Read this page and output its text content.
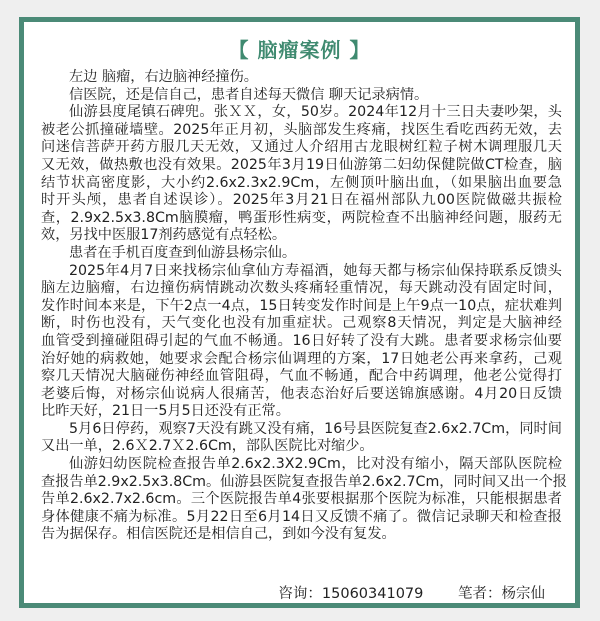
【 脑瘤案例 】
左边 脑瘤，右边脑神经撞伤。
信医院，还是信自己，患者自述每天微信 聊天记录病情。
仙游县度尾镇石碑兜。张ＸＸ，女，50岁。2024年12月十三日夫妻吵架，头
被老公抓撞碰墙壁。2025年正月初，头脑部发生疼痛，找医生看吃西药无效，去
问迷信菩萨开药方服几天无效，又通过人介绍用古龙眼树红粒子树木调理服几天
又无效，做热敷也没有效果。2025年3月19日仙游第二妇幼保健院做CT检查，脑
结节状高密度影，大小约2.6x2.3x2.9Cm，左侧顶叶脑出血，（如果脑出血要急
时开头颅，患者自述误诊）。2025年3月21日在福州部队九00医院做磁共振检
查，2.9x2.5x3.8Cm脑膜瘤，鸭蛋形性病变，两院检查不出脑神经问题，服药无
效，另找中医服17剂药感觉有点轻松。
患者在手机百度查到仙游县杨宗仙。
2025年4月7日来找杨宗仙拿仙方寿福酒，她每天都与杨宗仙保持联系反馈头
脑左边脑瘤，右边撞伤病情跳动次数头疼痛轻重情况，每天跳动没有固定时间，
发作时间本来是，下午2点一4点，15日转变发作时间是上午9点一10点，症状难判
断，时伤也没有，天气变化也没有加重症状。己观察8天情况，判定是大脑神经
血管受到撞碰阻碍引起的气血不畅通。16日好转了没有大跳。患者要求杨宗仙要
治好她的病救她，她要求会配合杨宗仙调理的方案，17日她老公再来拿药，己观
察几天情况大脑碰伤神经血管阻碍，气血不畅通，配合中药调理，他老公觉得打
老婆后悔，对杨宗仙说病人很痛苦，他表态治好后要送锦旗感谢。4月20日反馈
比昨天好，21日一5月5日还没有正常。
5月6日停药，观察7天没有跳又没有痛，16号县医院复查2.6x2.7Cm，同时间
又出一单，2.6Ｘ2.7Ｘ2.6Cm，部队医院比对缩少。
仙游妇幼医院检查报告单2.6x2.3X2.9Cm，比对没有缩小，隔天部队医院检
查报告单2.9x2.5x3.8Cm。仙游县医院复查报告单2.6x2.7Cm，同时间又出一个报
告单2.6x2.7x2.6cm。三个医院报告单4张要根据那个医院为标准，只能根据患者
身体健康不痛为标准。5月22日至6月14日又反馈不痛了。微信记录聊天和检查报
告为据保存。相信医院还是相信自己，到如今没有复发。
咨询：15060341079 笔者：杨宗仙
